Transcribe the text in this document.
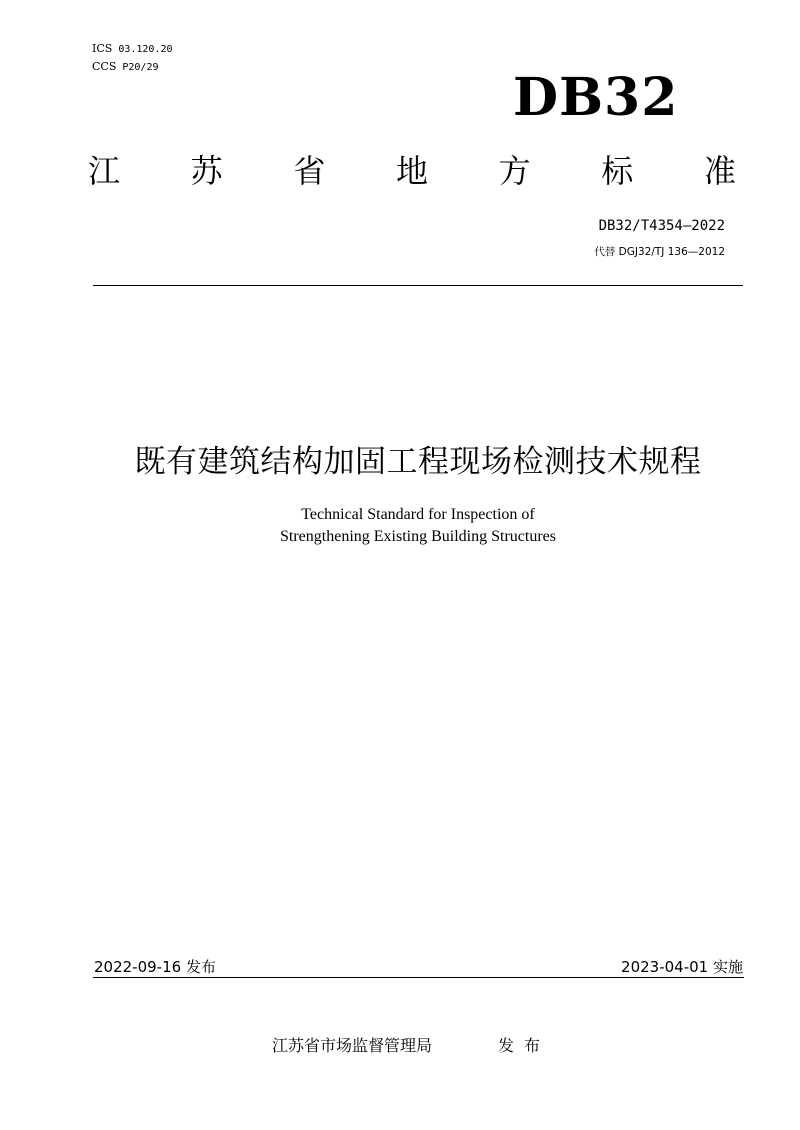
ICS 03.120.20
CCS P20/29	DB32
江 苏 省 地 方 标 准
DB32/T4354—2022
代替 DGJ32/TJ 136—2012
既有建筑结构加固工程现场检测技术规程
Technical Standard for Inspection of
Strengthening Existing Building Structures
2022-09-16 发布	2023-04-01 实施
江苏省市场监督管理局	发布
